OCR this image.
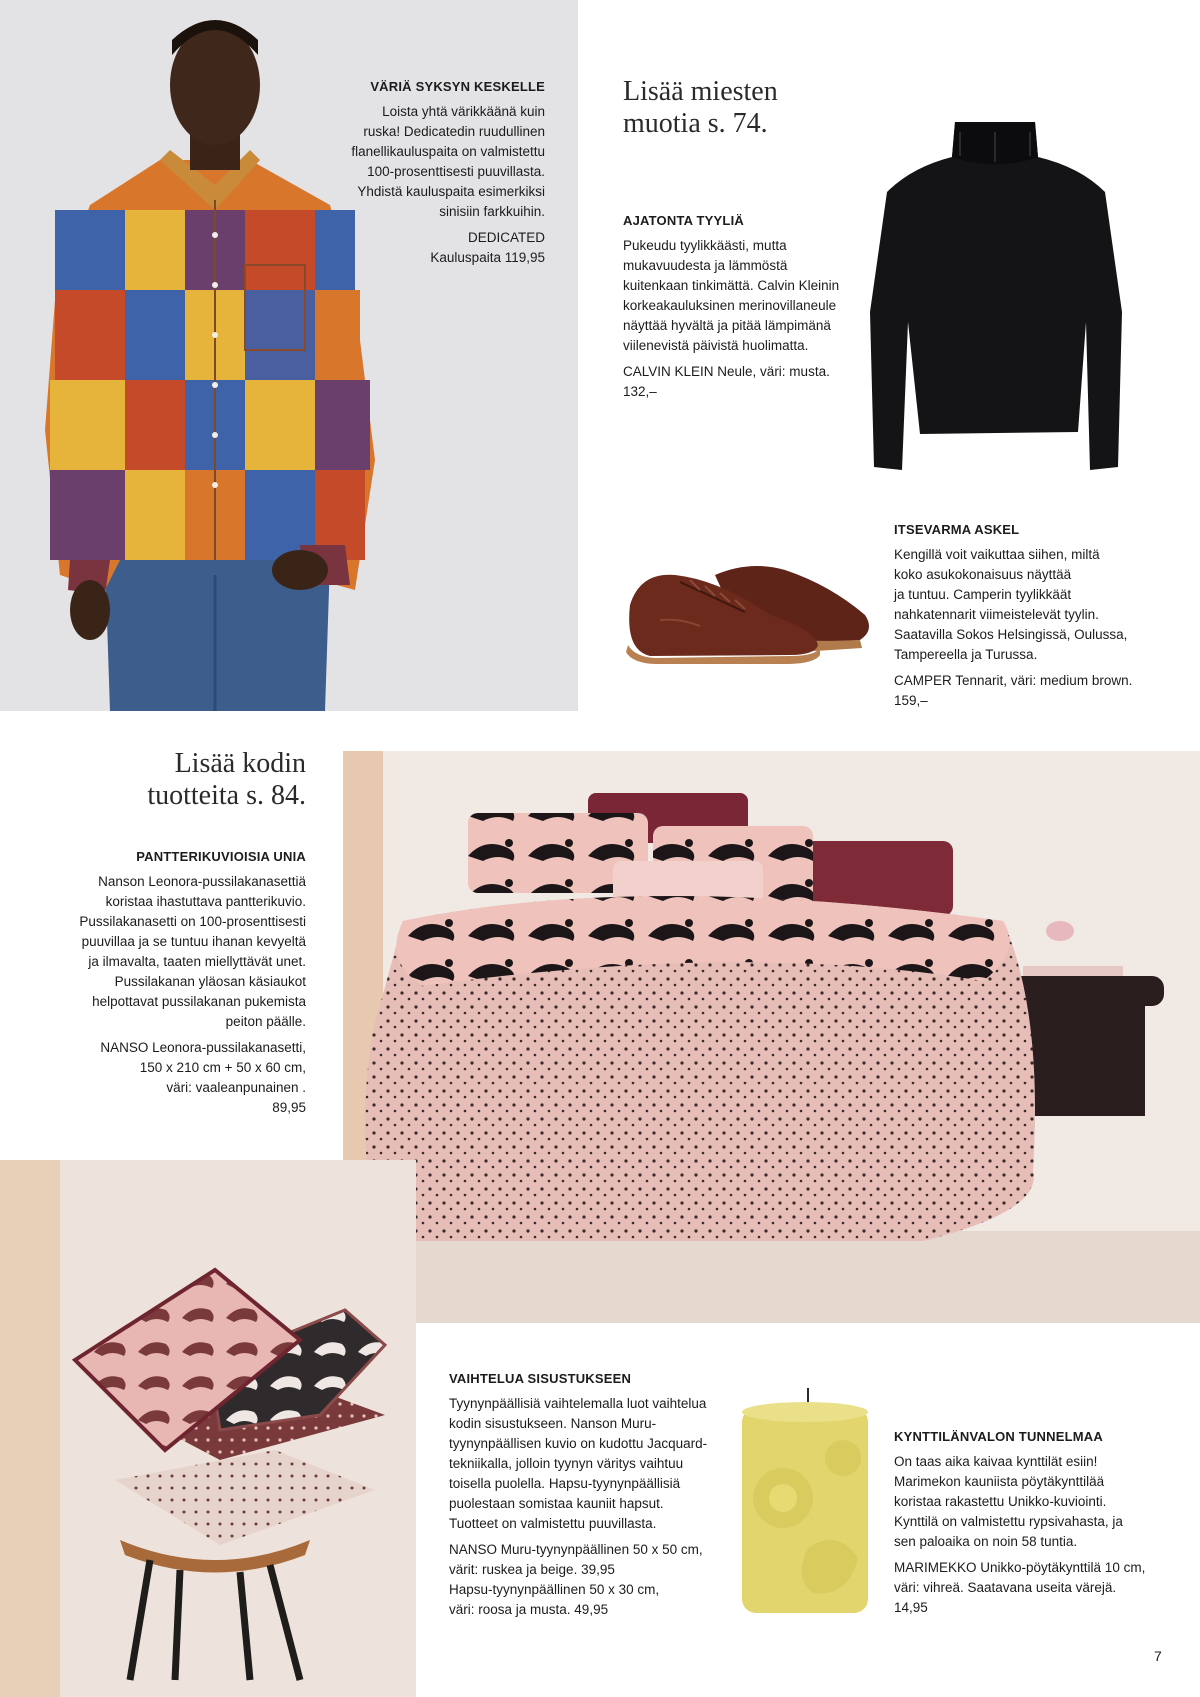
Lisää miesten
muotia s. 74.
VÄRIÄ SYKSYN KESKELLE
Loista yhtä värikkäänä kuin
ruska! Dedicatedin ruudullinen
flanellikauluspaita on valmistettu
100-prosenttisesti puuvillasta.
Yhdistä kauluspaita esimerkiksi
sinisiin farkkuihin.
DEDICATED
Kauluspaita 119,95
AJATONTA TYYLIÄ
Pukeudu tyylikkäästi, mutta
mukavuudesta ja lämmöstä
kuitenkaan tinkimättä. Calvin Kleinin
korkeakauluksinen merinovillaneule
näyttää hyvältä ja pitää lämpimänä
viilenevistä päivistä huolimatta.
CALVIN KLEIN Neule, väri: musta. 132,–
ITSEVARMA ASKEL
Kengillä voit vaikuttaa siihen, miltä
koko asukokonaisuus näyttää
ja tuntuu. Camperin tyylikkäät
nahkatennarit viimeistelevät tyylin.
Saatavilla Sokos Helsingissä, Oulussa,
Tampereella ja Turussa.
CAMPER Tennarit, väri: medium brown.
159,–
Lisää kodin
tuotteita s. 84.
PANTTERIKUVIOISIA UNIA
Nanson Leonora-pussilakanasettiä
koristaa ihastuttava pantterikuvio.
Pussilakanasetti on 100-prosenttisesti
puuvillaa ja se tuntuu ihanan kevyeltä
ja ilmavalta, taaten miellyttävät unet.
Pussilakanan yläosan käsiaukot
helpottavat pussilakanan pukemista
peiton päälle.
NANSO Leonora-pussilakanasetti,
150 x 210 cm + 50 x 60 cm,
väri: vaaleanpunainen .
89,95
VAIHTELUA SISUSTUKSEEN
Tyynynpäällisiä vaihtelemalla luot vaihtelua
kodin sisustukseen. Nanson Muru-
tyynynpäällisen kuvio on kudottu Jacquard-
tekniikalla, jolloin tyynyn väritys vaihtuu
toisella puolella. Hapsu-tyynynpäällisiä
puolestaan somistaa kauniit hapsut.
Tuotteet on valmistettu puuvillasta.
NANSO Muru-tyynynpäällinen 50 x 50 cm,
värit: ruskea ja beige. 39,95
Hapsu-tyynynpäällinen 50 x 30 cm,
väri: roosa ja musta. 49,95
KYNTTILÄNVALON TUNNELMAA
On taas aika kaivaa kynttilät esiin!
Marimekon kauniista pöytäkynttilää
koristaa rakastettu Unikko-kuviointi.
Kynttilä on valmistettu rypsivahasta, ja
sen paloaika on noin 58 tuntia.
MARIMEKKO Unikko-pöytäkynttilä 10 cm,
väri: vihreä. Saatavana useita värejä.
14,95
7
